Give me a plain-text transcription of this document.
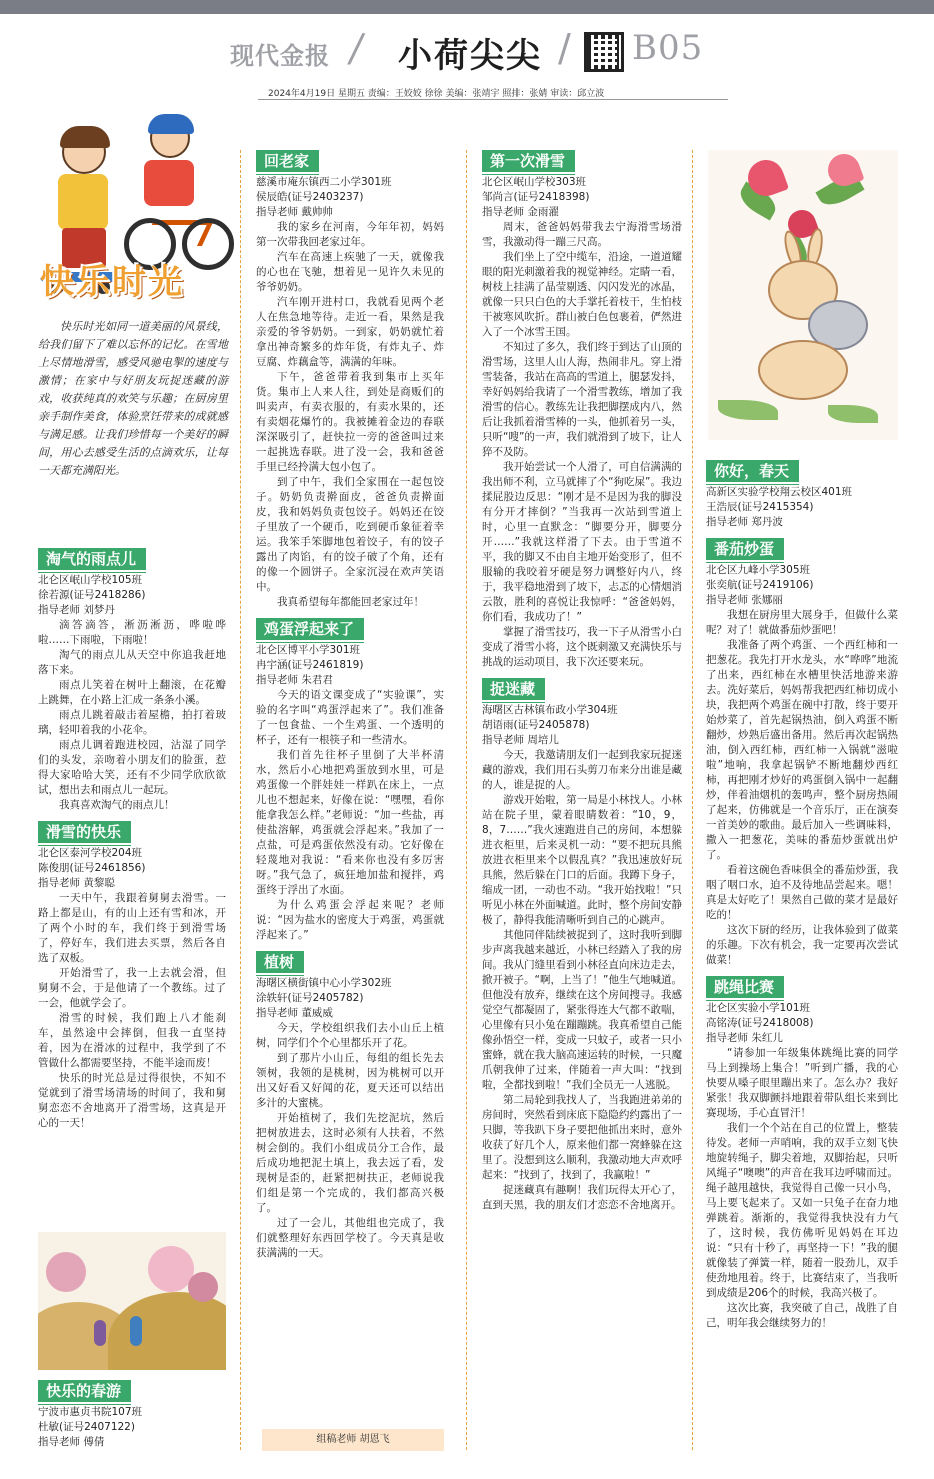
现代金报 / 小荷尖尖 / B05
2024年4月19日 星期五 责编：王姣姣 徐徐 美编：张靖宇 照排：张婧 审读：邱立波
快乐时光

快乐时光如同一道美丽的风景线，给我们留下了难以忘怀的记忆。在雪地上尽情地滑雪，感受风驰电掣的速度与激情；在家中与好朋友玩捉迷藏的游戏，收获纯真的欢笑与乐趣；在厨房里亲手制作美食，体验烹饪带来的成就感与满足感。让我们珍惜每一个美好的瞬间，用心去感受生活的点滴欢乐，让每一天都充满阳光。

淘气的雨点儿

北仑区岷山学校105班

徐若源(证号2418286)

指导老师 刘梦丹

滴答滴答，淅沥淅沥，哗啦哗啦……下雨啦，下雨啦！

淘气的雨点儿从天空中你追我赶地落下来。

雨点儿笑着在树叶上翻滚，在花瓣上跳舞，在小路上汇成一条条小溪。

雨点儿跳着敲击着屋檐，拍打着玻璃，轻叩着我的小花伞。

雨点儿调着跑进校园，沾湿了同学们的头发，亲吻着小朋友们的脸蛋，惹得大家哈哈大笑，还有不少同学欣欣欲试，想出去和雨点儿一起玩。

我真喜欢淘气的雨点儿！

滑雪的快乐

北仑区泰河学校204班

陈俊朋(证号2461856)

指导老师 黄黎聪

一天中午，我跟着舅舅去滑雪。一路上都是山，有的山上还有雪和冰，开了两个小时的车，我们终于到滑雪场了，停好车，我们进去买票，然后各自选了双板。

开始滑雪了，我一上去就会滑，但舅舅不会，于是他请了一个教练。过了一会，他就学会了。

滑雪的时候，我们跑上八才能刹车，虽然途中会摔倒，但我一直坚持着，因为在滑冰的过程中，我学到了不管做什么都需要坚持，不能半途而废！

快乐的时光总是过得很快，不知不觉就到了滑雪场清场的时间了，我和舅舅恋恋不舍地离开了滑雪场，这真是开心的一天！

快乐的春游

宁波市惠贞书院107班

杜敏(证号2407122)

指导老师 傅倩

回老家

慈溪市庵东镇西二小学301班

侯辰皓(证号2403237)

指导老师 戴帅帅

我的家乡在河南，今年年初，妈妈第一次带我回老家过年。

汽车在高速上疾驰了一天，就像我的心也在飞驰，想着见一见许久未见的爷爷奶奶。

汽车刚开进村口，我就看见两个老人在焦急地等待。走近一看，果然是我亲爱的爷爷奶奶。一到家，奶奶就忙着拿出神奇繁多的炸年货，有炸丸子、炸豆腐、炸藕盒等，满满的年味。

下午，爸爸带着我到集市上买年货。集市上人来人往，到处是商贩们的叫卖声，有卖衣服的，有卖水果的，还有卖烟花爆竹的。我被摊着金边的春联深深吸引了，赶快拉一旁的爸爸叫过来一起挑选春联。进了没一会，我和爸爸手里已经拎满大包小包了。

到了中午，我们全家围在一起包饺子。奶奶负责擀面皮，爸爸负责擀面皮，我和妈妈负责包饺子。妈妈还在饺子里放了一个硬币，吃到硬币象征着幸运。我笨手笨脚地包着饺子，有的饺子露出了肉馅，有的饺子破了个角，还有的像一个圆饼子。全家沉浸在欢声笑语中。

我真希望每年都能回老家过年！

鸡蛋浮起来了

北仑区博平小学301班

冉宇涵(证号2461819)

指导老师 朱君君

今天的语文课变成了“实验课”，实验的名字叫“鸡蛋浮起来了”。我们准备了一包食盐、一个生鸡蛋、一个透明的杯子，还有一根筷子和一些清水。

我们首先往杯子里倒了大半杯清水，然后小心地把鸡蛋放到水里，可是鸡蛋像一个胖娃娃一样趴在床上，一点儿也不想起来，好像在说：“嘿嘿，看你能拿我怎么样。”老师说：“加一些盐，再使盐溶解，鸡蛋就会浮起来。”我加了一点盐，可是鸡蛋依然没有动。它好像在轻蔑地对我说：“看来你也没有多厉害呀。”我气急了，疯狂地加盐和搅拌，鸡蛋终于浮出了水面。

为什么鸡蛋会浮起来呢？老师说：“因为盐水的密度大于鸡蛋，鸡蛋就浮起来了。”

植树

海曙区横街镇中心小学302班

涂轶轩(证号2405782)

指导老师 董威威

今天，学校组织我们去小山丘上植树，同学们个个心里都乐开了花。

到了那片小山丘，每组的组长先去领树，我领的是桃树，因为桃树可以开出又好看又好闻的花，夏天还可以结出多汁的大蜜桃。

开始植树了，我们先挖泥坑，然后把树放进去，这时必须有人扶着，不然树会倒的。我们小组成员分工合作，最后成功地把泥土填上，我去远了看，发现树是歪的，赶紧把树扶正，老师说我们组是第一个完成的，我们都高兴极了。

过了一会儿，其他组也完成了，我们就整理好东西回学校了。今天真是收获满满的一天。

组稿老师 胡恩飞
第一次滑雪

北仑区岷山学校303班

邹尚言(证号2418398)

指导老师 金雨濯

周末，爸爸妈妈带我去宁海滑雪场滑雪，我激动得一蹦三尺高。

我们坐上了空中缆车，沿途，一道道耀眼的阳光刺激着我的视觉神经。定睛一看，树枝上挂满了晶莹剔透、闪闪发光的冰晶，就像一只只白色的大手掌托着枝干，生怕枝干被寒风吹折。群山被白色包裹着，俨然进入了一个冰雪王国。

不知过了多久，我们终于到达了山顶的滑雪场，这里人山人海，热闹非凡。穿上滑雪装备，我站在高高的雪道上，腿瑟发抖，幸好妈妈给我请了一个滑雪教练，增加了我滑雪的信心。教练先让我把脚摆成内八，然后让我抓着滑雪棒的一头，他抓着另一头，只听“嗖”的一声，我们就滑到了坡下，让人猝不及防。

我开始尝试一个人滑了，可自信满满的我出师不利，立马就摔了个“狗吃屎”。我边揉屁股边反思：“刚才是不是因为我的脚没有分开才摔倒？”当我再一次站到雪道上时，心里一直默念：“脚要分开，脚要分开……”我就这样滑了下去。由于雪道不平，我的脚又不由自主地开始变形了，但不服输的我咬着牙硬是努力调整好内八，终于，我平稳地滑到了坡下，忐忑的心情烟消云散，胜利的喜悦让我惊呼：“爸爸妈妈，你们看，我成功了！”

掌握了滑雪技巧，我一下子从滑雪小白变成了滑雪小将，这个既刺激又充满快乐与挑战的运动项目，我下次还要来玩。

捉迷藏

海曙区古林镇布政小学304班

胡语雨(证号2405878)

指导老师 周培儿

今天，我邀请朋友们一起到我家玩捉迷藏的游戏，我们用石头剪刀布来分出谁是藏的人，谁是捉的人。

游戏开始啦，第一局是小林找人。小林站在院子里，蒙着眼睛数着：“10，9，8，7……”我火速跑进自己的房间，本想躲进衣柜里，后来灵机一动：“要不把玩具熊放进衣柜里来个以假乱真？”我迅速放好玩具熊，然后躲在门口的后面。我蹲下身子，缩成一团，一动也不动。“我开始找啦！”只听见小林在外面喊道。此时，整个房间安静极了，静得我能清晰听到自己的心跳声。

其他同伴陆续被捉到了，这时我听到脚步声离我越来越近，小林已经踏入了我的房间。我从门缝里看到小林径直向床边走去，掀开被子。“啊，上当了！”他生气地喊道。但他没有放弃，继续在这个房间搜寻。我感觉空气都凝固了，紧张得连大气都不敢喘，心里像有只小兔在蹦蹦跳。我真希望自己能像孙悟空一样，变成一只蚊子，或者一只小蜜蜂，就在我大脑高速运转的时候，一只魔爪朝我伸了过来，伴随着一声大叫：“找到啦，全都找到啦！”我们全员无一人逃脱。

第二局轮到我找人了，当我跑进弟弟的房间时，突然看到床底下隐隐约约露出了一只脚，等我趴下身子要把他抓出来时，意外收获了好几个人，原来他们都一窝蜂躲在这里了。没想到这么顺利，我激动地大声欢呼起来：“找到了，找到了，我赢啦！”

捉迷藏真有趣啊！我们玩得太开心了，直到天黑，我的朋友们才恋恋不舍地离开。

你好，春天

高新区实验学校翔云校区401班

王浩辰(证号2415354)

指导老师 郑丹波

番茄炒蛋

北仑区九峰小学305班

张奕航(证号2419106)

指导老师 张娜丽

我想在厨房里大展身手，但做什么菜呢？对了！就做番茄炒蛋吧！

我准备了两个鸡蛋、一个西红柿和一把葱花。我先打开水龙头，水“哗哗”地流了出来，西红柿在水槽里快活地游来游去。洗好菜后，妈妈帮我把西红柿切成小块，我把两个鸡蛋在碗中打散，终于要开始炒菜了，首先起锅热油，倒入鸡蛋不断翻炒，炒熟后盛出备用。然后再次起锅热油，倒入西红柿，西红柿一入锅就“滋啦啦”地响，我拿起锅铲不断地翻炒西红柿，再把刚才炒好的鸡蛋倒入锅中一起翻炒，伴着油烟机的轰鸣声，整个厨房热闹了起来，仿佛就是一个音乐厅，正在演奏一首美妙的歌曲。最后加入一些调味料，撒入一把葱花，美味的番茄炒蛋就出炉了。

看着这碗色香味俱全的番茄炒蛋，我咽了咽口水，迫不及待地品尝起来。嗯！真是太好吃了！果然自己做的菜才是最好吃的！

这次下厨的经历，让我体验到了做菜的乐趣。下次有机会，我一定要再次尝试做菜！

跳绳比赛

北仑区实验小学101班

高铭涛(证号2418008)

指导老师 朱红儿

“请参加一年级集体跳绳比赛的同学马上到操场上集合！”听到广播，我的心快要从嗓子眼里蹦出来了。怎么办？我好紧张！我双脚颤抖地跟着带队组长来到比赛现场，手心直冒汗！

我们一个个站在自己的位置上，整装待发。老师一声哨响，我的双手立刻飞快地旋转绳子，脚尖着地，双脚抬起，只听风绳子“噢噢”的声音在我耳边呼啸而过。绳子越甩越快，我觉得自己像一只小鸟，马上要飞起来了。又如一只兔子在奋力地弹跳着。渐渐的，我觉得我快没有力气了，这时候，我仿佛听见妈妈在耳边说：“只有十秒了，再坚持一下！”我的腿就像装了弹簧一样，随着一股劲儿，双手使劲地甩着。终于，比赛结束了，当我听到成绩是206个的时候，我高兴极了。

这次比赛，我突破了自己，战胜了自己，明年我会继续努力的！
